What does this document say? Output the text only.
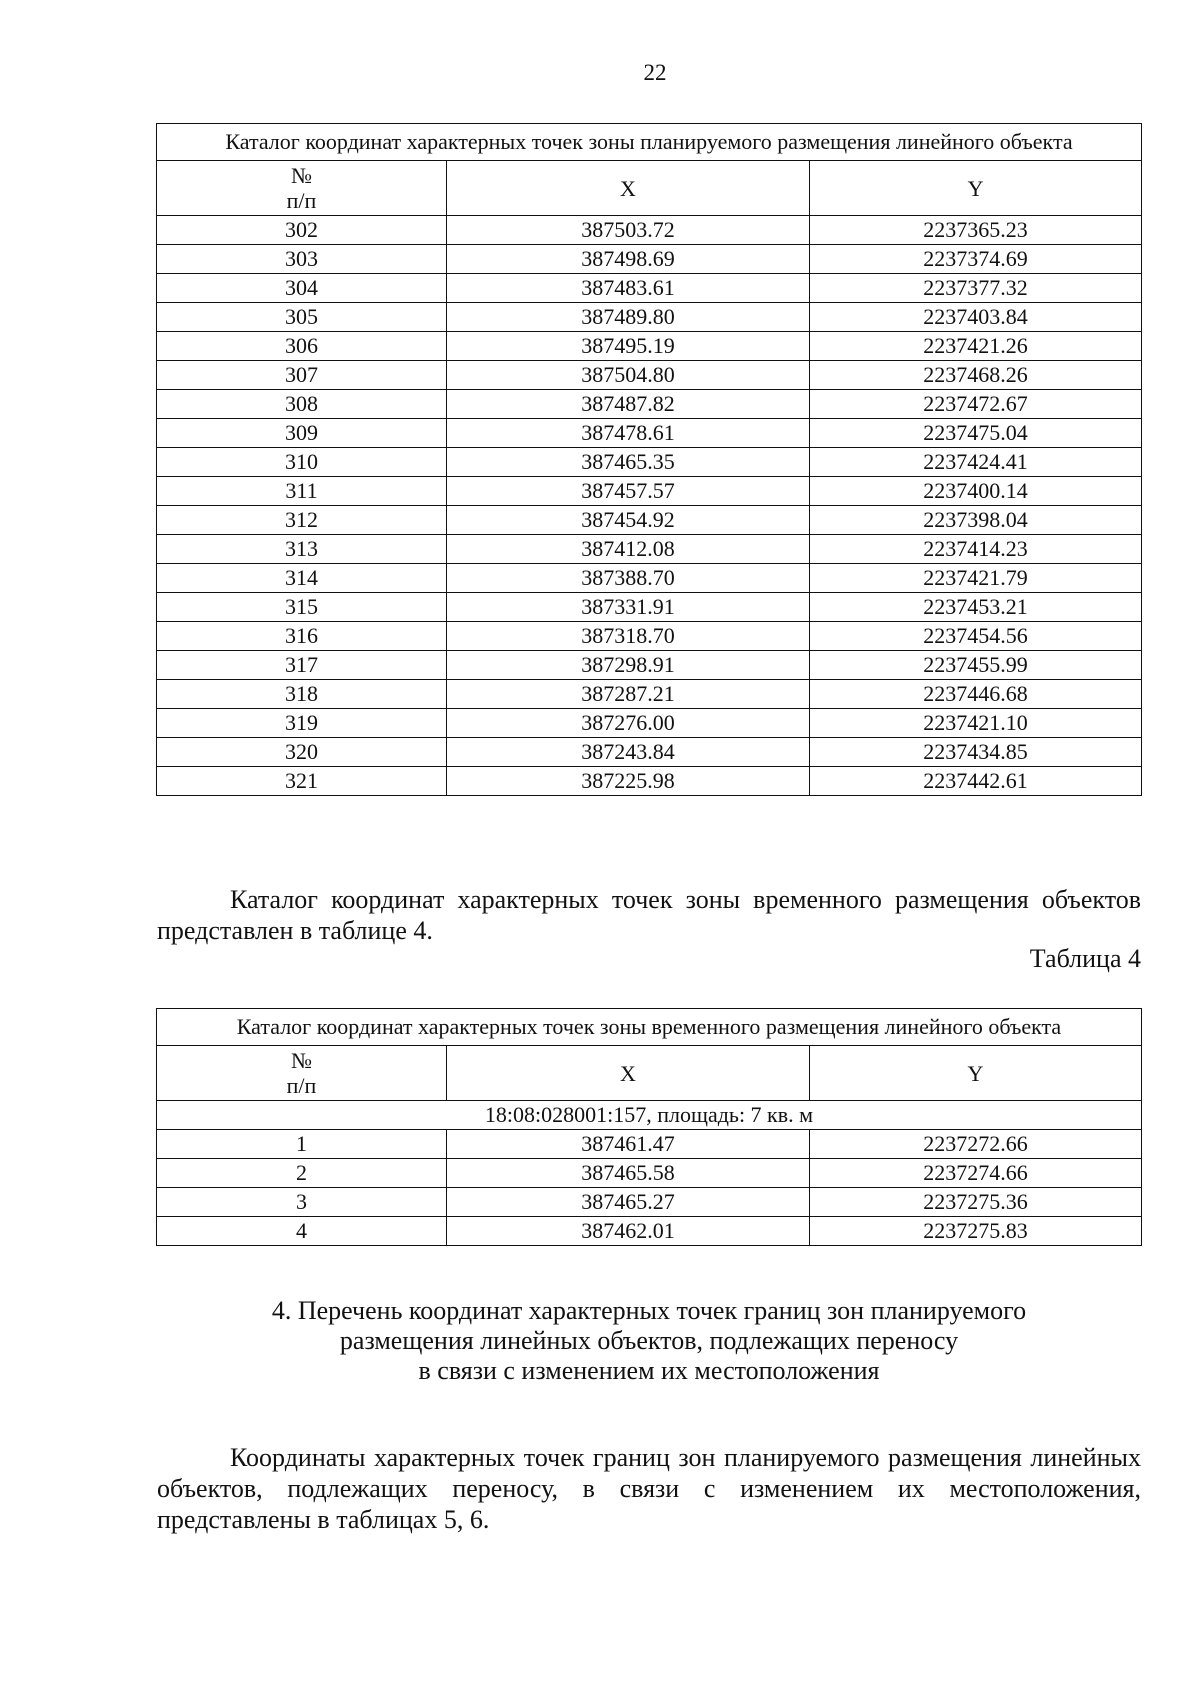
22
Каталог координат характерных точек зоны планируемого размещения линейного объекта		
№
п/п	X	Y
302	387503.72	2237365.23
303	387498.69	2237374.69
304	387483.61	2237377.32
305	387489.80	2237403.84
306	387495.19	2237421.26
307	387504.80	2237468.26
308	387487.82	2237472.67
309	387478.61	2237475.04
310	387465.35	2237424.41
311	387457.57	2237400.14
312	387454.92	2237398.04
313	387412.08	2237414.23
314	387388.70	2237421.79
315	387331.91	2237453.21
316	387318.70	2237454.56
317	387298.91	2237455.99
318	387287.21	2237446.68
319	387276.00	2237421.10
320	387243.84	2237434.85
321	387225.98	2237442.61
Каталог координат характерных точек зоны временного размещения объектов представлен в таблице 4.
Таблица 4
Каталог координат характерных точек зоны временного размещения линейного объекта		
№
п/п	X	Y
18:08:028001:157, площадь: 7 кв. м		
1	387461.47	2237272.66
2	387465.58	2237274.66
3	387465.27	2237275.36
4	387462.01	2237275.83
4. Перечень координат характерных точек границ зон планируемого
размещения линейных объектов, подлежащих переносу
в связи с изменением их местоположения
Координаты характерных точек границ зон планируемого размещения линейных объектов, подлежащих переносу, в связи с изменением их местоположения, представлены в таблицах 5, 6.
